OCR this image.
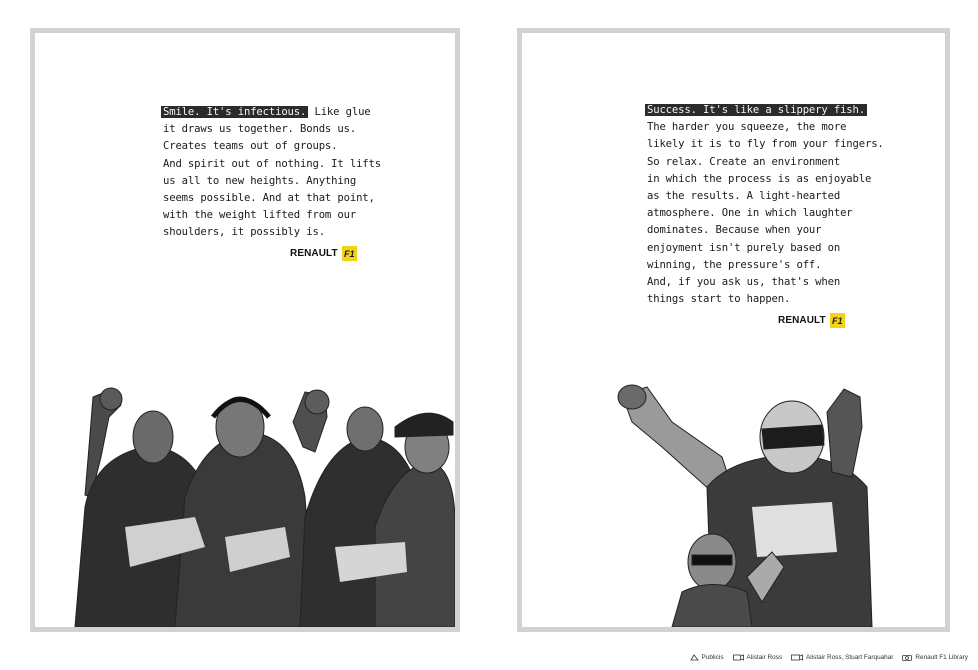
Smile. It's infectious. Like glue
it draws us together. Bonds us.
Creates teams out of groups.
And spirit out of nothing. It lifts
us all to new heights. Anything
seems possible. And at that point,
with the weight lifted from our
shoulders, it possibly is.
RENAULT F1
Success. It's like a slippery fish.
The harder you squeeze, the more
likely it is to fly from your fingers.
So relax. Create an environment
in which the process is as enjoyable
as the results. A light-hearted
atmosphere. One in which laughter
dominates. Because when your
enjoyment isn't purely based on
winning, the pressure's off.
And, if you ask us, that's when
things start to happen.
RENAULT F1
Publicis	Alistair Ross	Alistair Ross, Stuart Farquahar	Renault F1 Library
